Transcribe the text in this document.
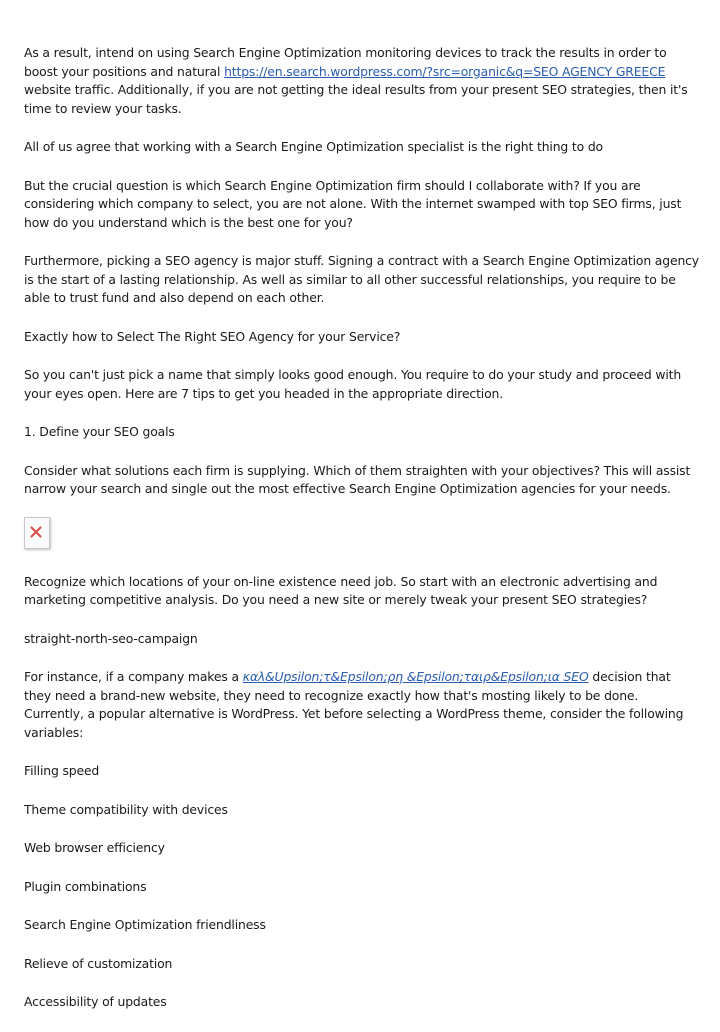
As a result, intend on using Search Engine Optimization monitoring devices to track the results in order to boost your positions and natural https://en.search.wordpress.com/?src=organic&q=SEO AGENCY GREECE website traffic. Additionally, if you are not getting the ideal results from your present SEO strategies, then it's time to review your tasks.

All of us agree that working with a Search Engine Optimization specialist is the right thing to do

But the crucial question is which Search Engine Optimization firm should I collaborate with? If you are considering which company to select, you are not alone. With the internet swamped with top SEO firms, just how do you understand which is the best one for you?

Furthermore, picking a SEO agency is major stuff. Signing a contract with a Search Engine Optimization agency is the start of a lasting relationship. As well as similar to all other successful relationships, you require to be able to trust fund and also depend on each other.

Exactly how to Select The Right SEO Agency for your Service?

So you can't just pick a name that simply looks good enough. You require to do your study and proceed with your eyes open. Here are 7 tips to get you headed in the appropriate direction.

1. Define your SEO goals

Consider what solutions each firm is supplying. Which of them straighten with your objectives? This will assist narrow your search and single out the most effective Search Engine Optimization agencies for your needs.

Recognize which locations of your on-line existence need job. So start with an electronic advertising and marketing competitive analysis. Do you need a new site or merely tweak your present SEO strategies?

straight-north-seo-campaign

For instance, if a company makes a καλ&Upsilon;τ&Epsilon;ρη &Epsilon;ταιρ&Epsilon;ια SEO decision that they need a brand-new website, they need to recognize exactly how that's mosting likely to be done. Currently, a popular alternative is WordPress. Yet before selecting a WordPress theme, consider the following variables:

Filling speed

Theme compatibility with devices

Web browser efficiency

Plugin combinations

Search Engine Optimization friendliness

Relieve of customization

Accessibility of updates
